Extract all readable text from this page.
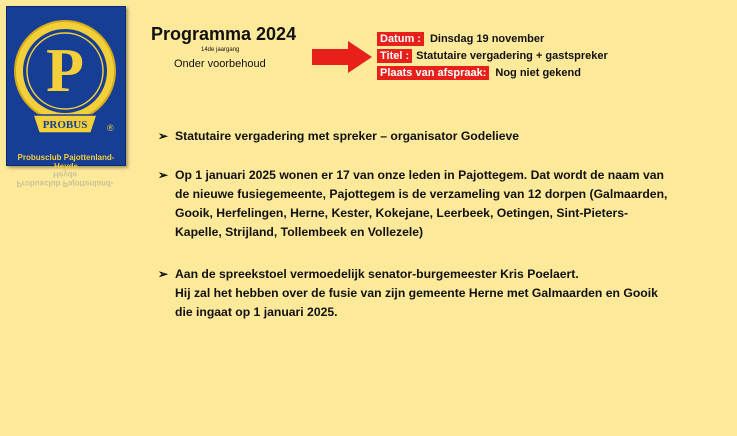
P
PROBUS ®
Probusclub Pajottenland-Heyde
Probusclub Pajottenland-Heyde
Programma 2024
14de jaargang
Onder voorbehoud
Datum : Dinsdag 19 november
Titel : Statutaire vergadering + gastspreker
Plaats van afspraak: Nog niet gekend
➢ Statutaire vergadering met spreker – organisator Godelieve
➢ Op 1 januari 2025 wonen er 17 van onze leden in Pajottegem. Dat wordt de naam van
de nieuwe fusiegemeente, Pajottegem is de verzameling van 12 dorpen (Galmaarden,
Gooik, Herfelingen, Herne, Kester, Kokejane, Leerbeek, Oetingen, Sint-Pieters-
Kapelle, Strijland, Tollembeek en Vollezele)
➢ Aan de spreekstoel vermoedelijk senator-burgemeester Kris Poelaert.
Hij zal het hebben over de fusie van zijn gemeente Herne met Galmaarden en Gooik
die ingaat op 1 januari 2025.
